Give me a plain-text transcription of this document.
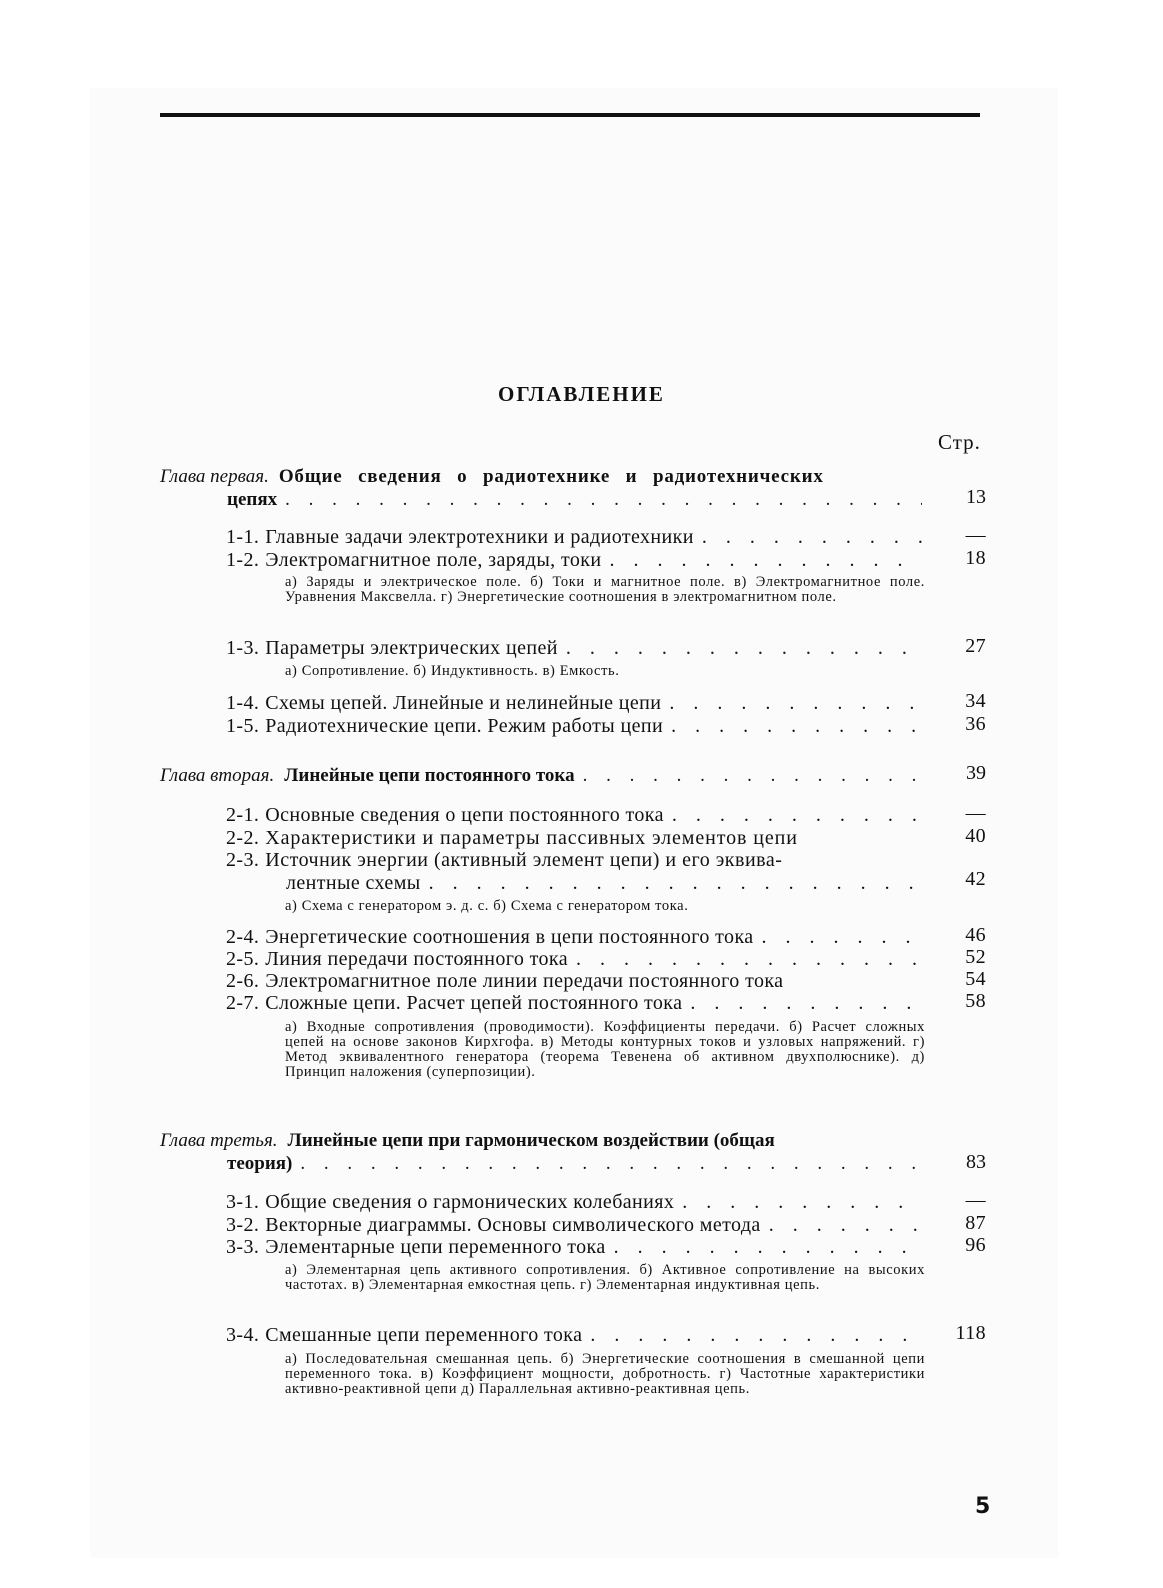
ОГЛАВЛЕНИЕ
Стр.
Глава первая. Общие сведения о радиотехнике и радиотехнических
цепях . . .	13
1-1. Главные задачи электротехники и радиотехники . . .	—
1-2. Электромагнитное поле, заряды, токи . . .	18
а) Заряды и электрическое поле. б) Токи и магнитное поле. в) Электромагнитное поле. Уравнения Максвелла. г) Энергетические соотношения в электромагнитном поле.
1-3. Параметры электрических цепей . . .	27
а) Сопротивление. б) Индуктивность. в) Емкость.
1-4. Схемы цепей. Линейные и нелинейные цепи . . .	34
1-5. Радиотехнические цепи. Режим работы цепи . . .	36
Глава вторая. Линейные цепи постоянного тока . . .	39
2-1. Основные сведения о цепи постоянного тока . . .	—
2-2. Характеристики и параметры пассивных элементов цепи	40
2-3. Источник энергии (активный элемент цепи) и его эквива-
лентные схемы . . .	42
а) Схема с генератором э. д. с. б) Схема с генератором тока.
2-4. Энергетические соотношения в цепи постоянного тока . . .	46
2-5. Линия передачи постоянного тока . . .	52
2-6. Электромагнитное поле линии передачи постоянного тока	54
2-7. Сложные цепи. Расчет цепей постоянного тока . . .	58
а) Входные сопротивления (проводимости). Коэффициенты передачи. б) Расчет сложных цепей на основе законов Кирхгофа. в) Методы контурных токов и узловых напряжений. г) Метод эквивалентного генератора (теорема Тевенена об активном двухполюснике). д) Принцип наложения (суперпозиции).
Глава третья. Линейные цепи при гармоническом воздействии (общая
теория) . . .	83
3-1. Общие сведения о гармонических колебаниях . . .	—
3-2. Векторные диаграммы. Основы символического метода . . .	87
3-3. Элементарные цепи переменного тока . . .	96
а) Элементарная цепь активного сопротивления. б) Активное сопротивление на высоких частотах. в) Элементарная емкостная цепь. г) Элементарная индуктивная цепь.
3-4. Смешанные цепи переменного тока . . .	118
а) Последовательная смешанная цепь. б) Энергетические соотношения в смешанной цепи переменного тока. в) Коэффициент мощности, добротность. г) Частотные характеристики активно-реактивной цепи д) Параллельная активно-реактивная цепь.
5
